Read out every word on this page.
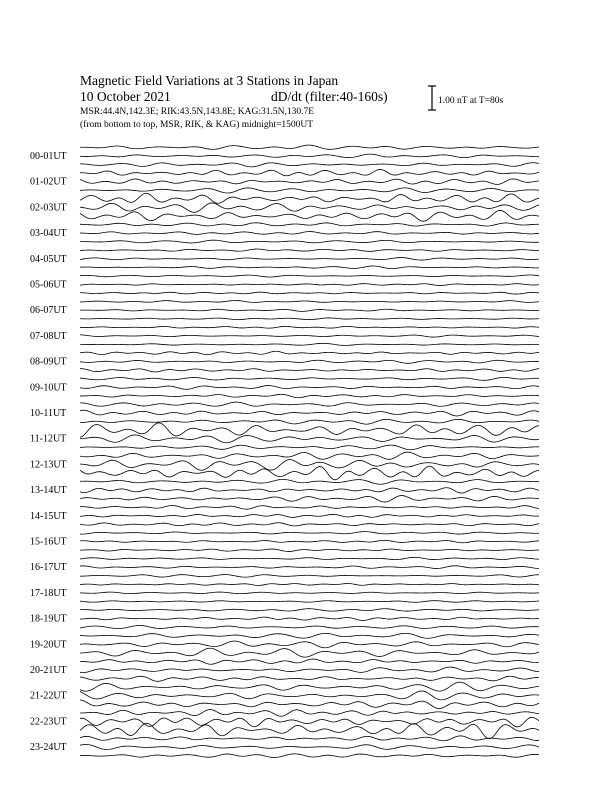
Magnetic Field Variations at 3 Stations in Japan
10 October 2021	dD/dt (filter:40-160s)
MSR:44.4N,142.3E; RIK:43.5N,143.8E; KAG:31.5N,130.7E
(from bottom to top, MSR, RIK, & KAG) midnight=1500UT
1.00 nT at T=80s
00-01UT
01-02UT
02-03UT
03-04UT
04-05UT
05-06UT
06-07UT
07-08UT
08-09UT
09-10UT
10-11UT
11-12UT
12-13UT
13-14UT
14-15UT
15-16UT
16-17UT
17-18UT
18-19UT
19-20UT
20-21UT
21-22UT
22-23UT
23-24UT
